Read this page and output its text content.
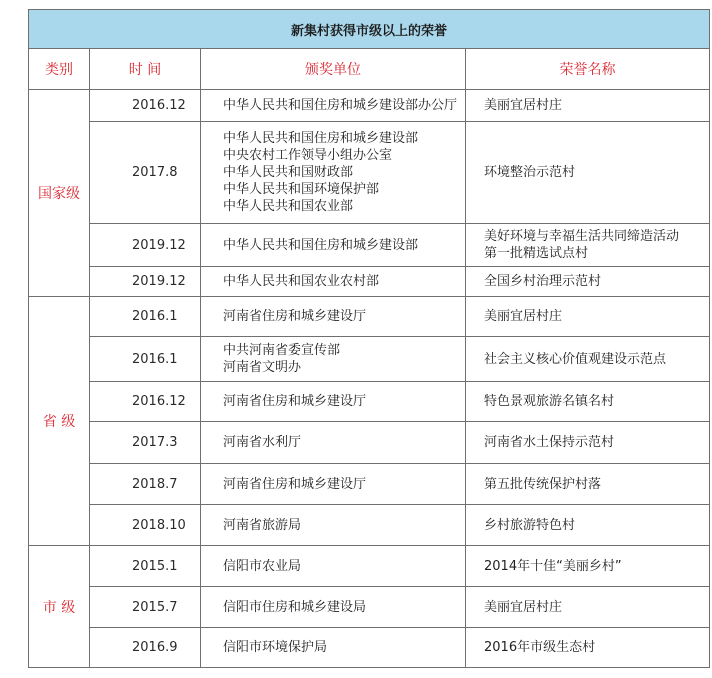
新集村获得市级以上的荣誉			
类别	时 间	颁奖单位	荣誉名称
国家级	2016.12	中华人民共和国住房和城乡建设部办公厅	美丽宜居村庄

	2017.8	中华人民共和国住房和城乡建设部
中央农村工作领导小组办公室
中华人民共和国财政部
中华人民共和国环境保护部
中华人民共和国农业部	环境整治示范村

	2019.12	中华人民共和国住房和城乡建设部	美好环境与幸福生活共同缔造活动
第一批精选试点村

	2019.12	中华人民共和国农业农村部	全国乡村治理示范村

省 级	2016.1	河南省住房和城乡建设厅	美丽宜居村庄

	2016.1	中共河南省委宣传部
河南省文明办	社会主义核心价值观建设示范点

	2016.12	河南省住房和城乡建设厅	特色景观旅游名镇名村

	2017.3	河南省水利厅	河南省水土保持示范村

	2018.7	河南省住房和城乡建设厅	第五批传统保护村落

	2018.10	河南省旅游局	乡村旅游特色村

市 级	2015.1	信阳市农业局	2014年十佳“美丽乡村”

	2015.7	信阳市住房和城乡建设局	美丽宜居村庄

	2016.9	信阳市环境保护局	2016年市级生态村
